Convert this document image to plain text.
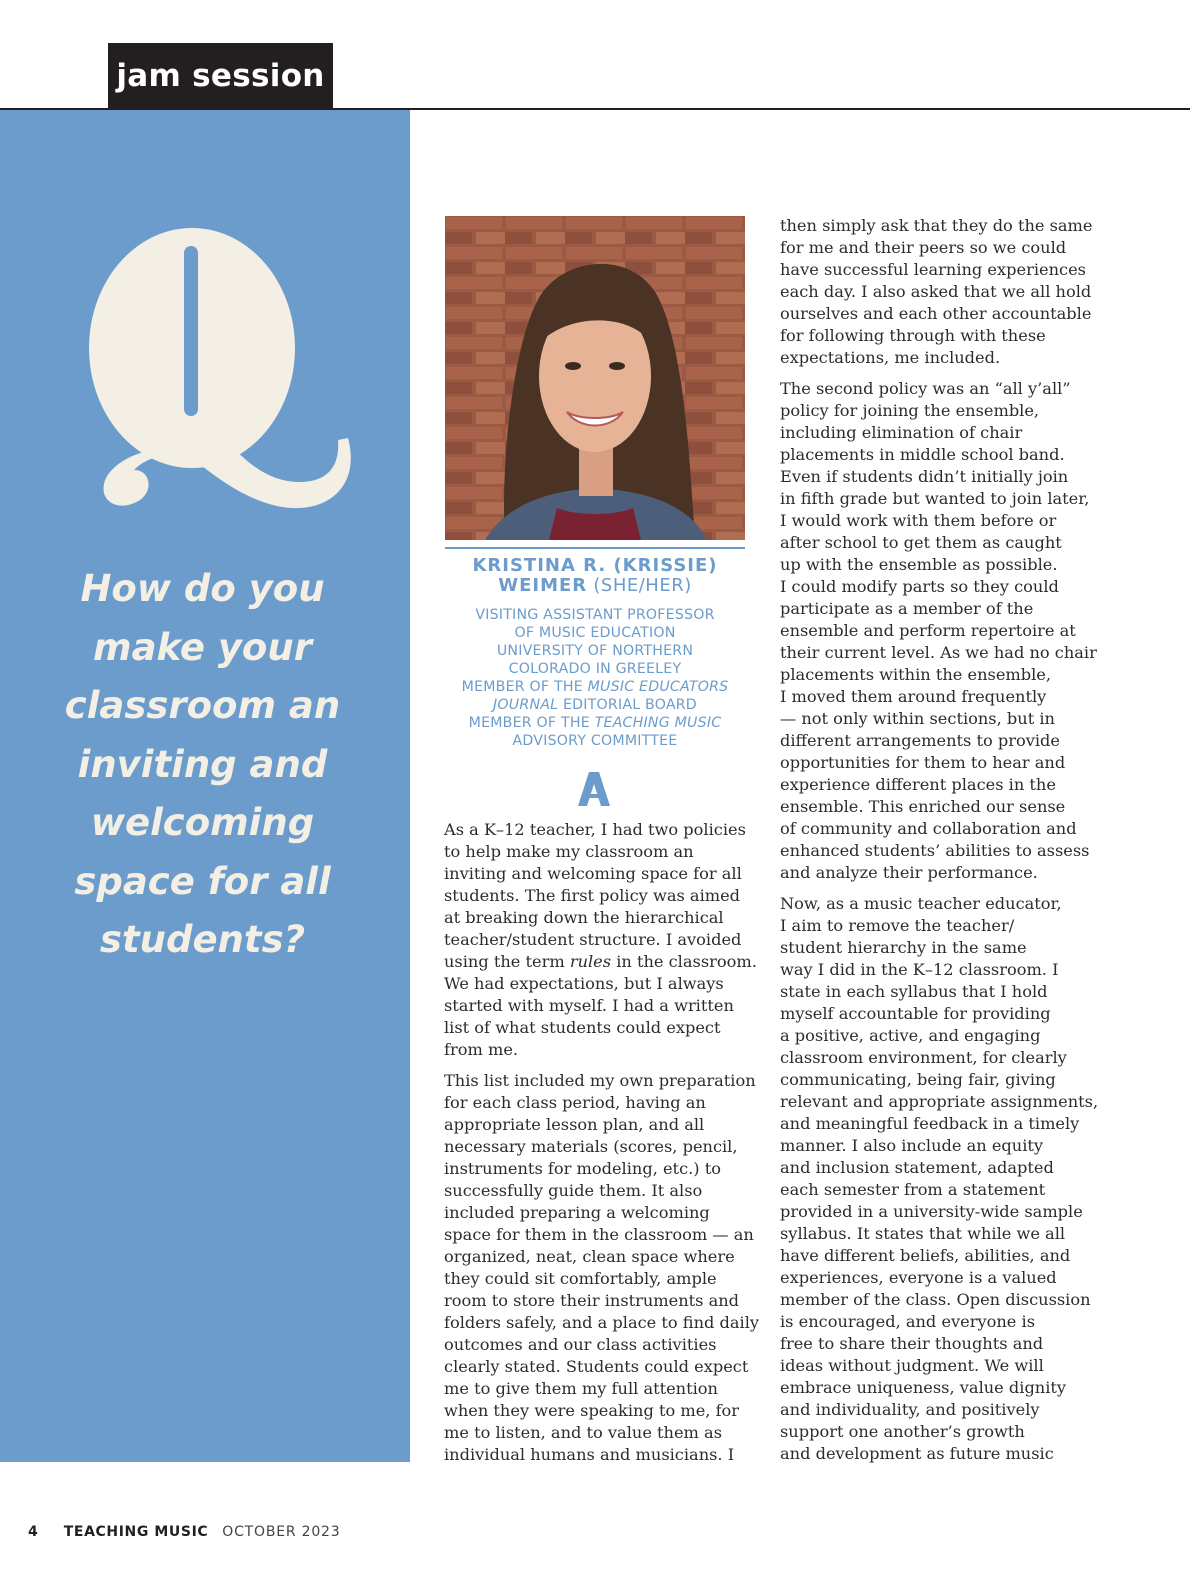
jam session
How do you
make your
classroom an
inviting and
welcoming
space for all
students?
KRISTINA R. (KRISSIE)
WEIMER (SHE/HER)
VISITING ASSISTANT PROFESSOR
OF MUSIC EDUCATION
UNIVERSITY OF NORTHERN
COLORADO IN GREELEY
MEMBER OF THE MUSIC EDUCATORS
JOURNAL EDITORIAL BOARD
MEMBER OF THE TEACHING MUSIC
ADVISORY COMMITTEE

As a K–12 teacher, I had two policies
to help make my classroom an
inviting and welcoming space for all
students. The first policy was aimed
at breaking down the hierarchical
teacher/student structure. I avoided
using the term rules in the classroom.
We had expectations, but I always
started with myself. I had a written
list of what students could expect
from me.

This list included my own preparation
for each class period, having an
appropriate lesson plan, and all
necessary materials (scores, pencil,
instruments for modeling, etc.) to
successfully guide them. It also
included preparing a welcoming
space for them in the classroom — an
organized, neat, clean space where
they could sit comfortably, ample
room to store their instruments and
folders safely, and a place to find daily
outcomes and our class activities
clearly stated. Students could expect
me to give them my full attention
when they were speaking to me, for
me to listen, and to value them as
individual humans and musicians. I

then simply ask that they do the same
for me and their peers so we could
have successful learning experiences
each day. I also asked that we all hold
ourselves and each other accountable
for following through with these
expectations, me included.

The second policy was an “all y’all”
policy for joining the ensemble,
including elimination of chair
placements in middle school band.
Even if students didn’t initially join
in fifth grade but wanted to join later,
I would work with them before or
after school to get them as caught
up with the ensemble as possible.
I could modify parts so they could
participate as a member of the
ensemble and perform repertoire at
their current level. As we had no chair
placements within the ensemble,
I moved them around frequently
— not only within sections, but in
different arrangements to provide
opportunities for them to hear and
experience different places in the
ensemble. This enriched our sense
of community and collaboration and
enhanced students’ abilities to assess
and analyze their performance.

Now, as a music teacher educator,
I aim to remove the teacher/
student hierarchy in the same
way I did in the K–12 classroom. I
state in each syllabus that I hold
myself accountable for providing
a positive, active, and engaging
classroom environment, for clearly
communicating, being fair, giving
relevant and appropriate assignments,
and meaningful feedback in a timely
manner. I also include an equity
and inclusion statement, adapted
each semester from a statement
provided in a university-wide sample
syllabus. It states that while we all
have different beliefs, abilities, and
experiences, everyone is a valued
member of the class. Open discussion
is encouraged, and everyone is
free to share their thoughts and
ideas without judgment. We will
embrace uniqueness, value dignity
and individuality, and positively
support one another’s growth
and development as future music

4 TEACHING MUSIC OCTOBER 2023
